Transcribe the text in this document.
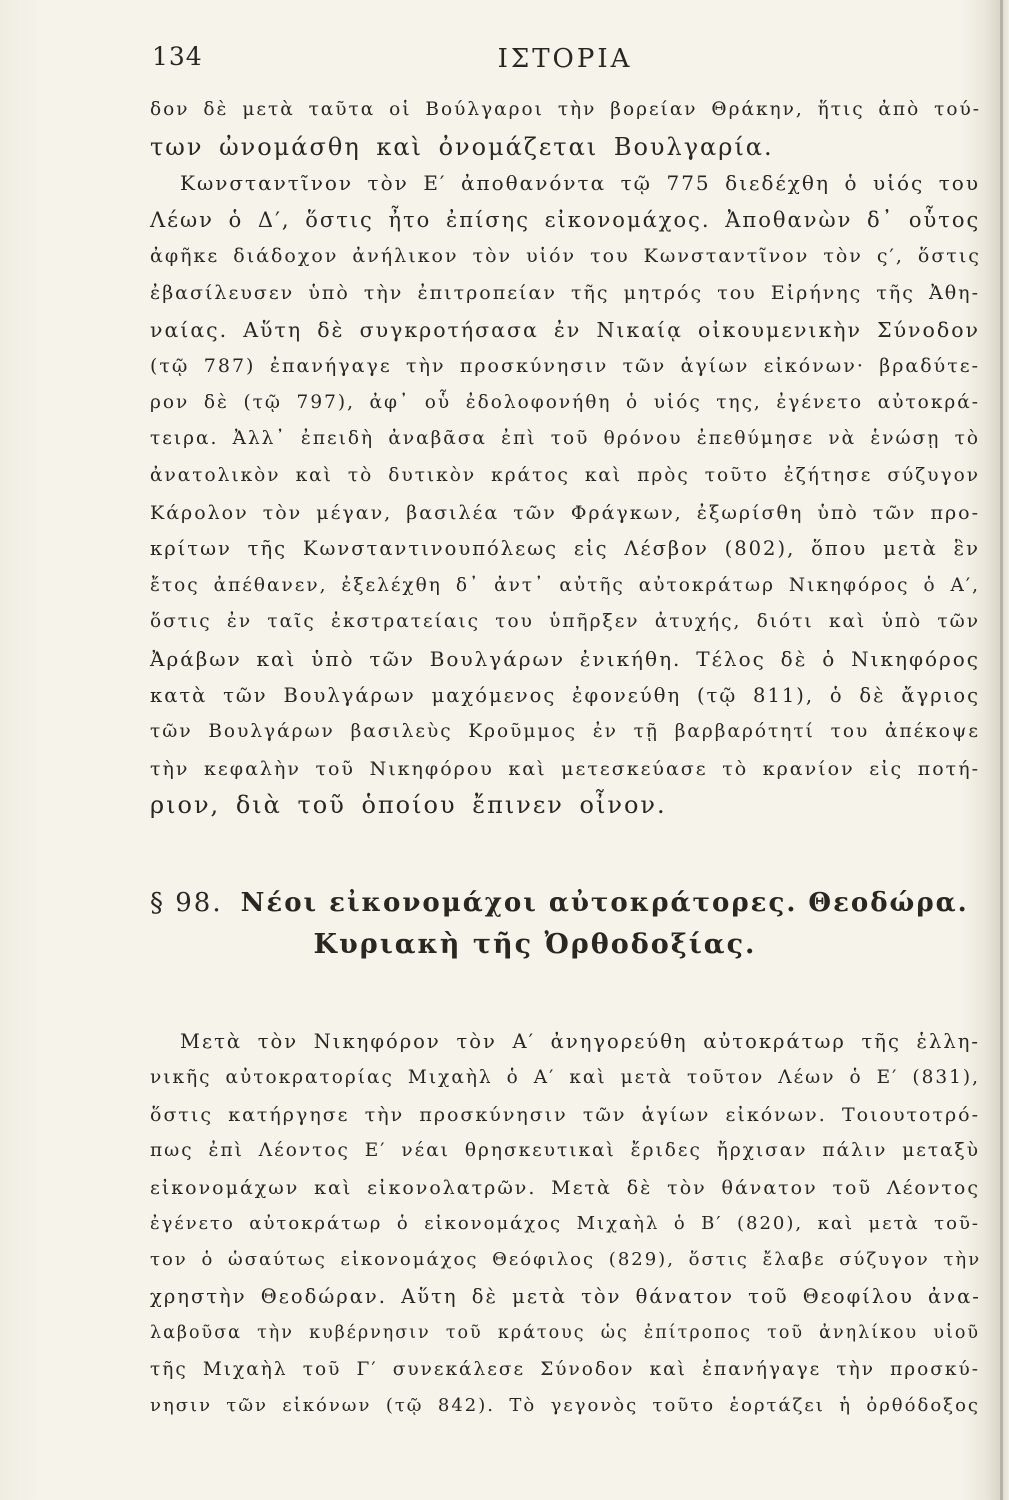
134	ΙΣΤΟΡΙΑ
δον δὲ μετὰ ταῦτα οἱ Βούλγαροι τὴν βορείαν Θράκην, ἥτις ἀπὸ τού-
των ὠνομάσθη καὶ ὀνομάζεται Βουλγαρία.
Κωνσταντῖνον τὸν Ε′ ἀποθανόντα τῷ 775 διεδέχθη ὁ υἱός του
Λέων ὁ Δ′, ὅστις ἦτο ἐπίσης εἰκονομάχος. Ἀποθανὼν δ᾽ οὗτος
ἀφῆκε διάδοχον ἀνήλικον τὸν υἱόν του Κωνσταντῖνον τὸν ς′, ὅστις
ἐβασίλευσεν ὑπὸ τὴν ἐπιτροπείαν τῆς μητρός του Εἰρήνης τῆς Ἀθη-
ναίας. Αὕτη δὲ συγκροτήσασα ἐν Νικαίᾳ οἰκουμενικὴν Σύνοδον
(τῷ 787) ἐπανήγαγε τὴν προσκύνησιν τῶν ἁγίων εἰκόνων· βραδύτε-
ρον δὲ (τῷ 797), ἀφ᾽ οὗ ἐδολοφονήθη ὁ υἱός της, ἐγένετο αὐτοκρά-
τειρα. Ἀλλ᾽ ἐπειδὴ ἀναβᾶσα ἐπὶ τοῦ θρόνου ἐπεθύμησε νὰ ἑνώσῃ τὸ
ἀνατολικὸν καὶ τὸ δυτικὸν κράτος καὶ πρὸς τοῦτο ἐζήτησε σύζυγον
Κάρολον τὸν μέγαν, βασιλέα τῶν Φράγκων, ἐξωρίσθη ὑπὸ τῶν προ-
κρίτων τῆς Κωνσταντινουπόλεως εἰς Λέσβον (802), ὅπου μετὰ ἓν
ἔτος ἀπέθανεν, ἐξελέχθη δ᾽ ἀντ᾽ αὐτῆς αὐτοκράτωρ Νικηφόρος ὁ Α′,
ὅστις ἐν ταῖς ἐκστρατείαις του ὑπῆρξεν ἀτυχής, διότι καὶ ὑπὸ τῶν
Ἀράβων καὶ ὑπὸ τῶν Βουλγάρων ἐνικήθη. Τέλος δὲ ὁ Νικηφόρος
κατὰ τῶν Βουλγάρων μαχόμενος ἐφονεύθη (τῷ 811), ὁ δὲ ἄγριος
τῶν Βουλγάρων βασιλεὺς Κροῦμμος ἐν τῇ βαρβαρότητί του ἀπέκοψε
τὴν κεφαλὴν τοῦ Νικηφόρου καὶ μετεσκεύασε τὸ κρανίον εἰς ποτή-
ριον, διὰ τοῦ ὁποίου ἔπινεν οἶνον.
§ 98. Νέοι εἰκονομάχοι αὐτοκράτορες. Θεοδώρα.
Κυριακὴ τῆς Ὀρθοδοξίας.
Μετὰ τὸν Νικηφόρον τὸν Α′ ἀνηγορεύθη αὐτοκράτωρ τῆς ἑλλη-
νικῆς αὐτοκρατορίας Μιχαὴλ ὁ Α′ καὶ μετὰ τοῦτον Λέων ὁ Ε′ (831),
ὅστις κατήργησε τὴν προσκύνησιν τῶν ἁγίων εἰκόνων. Τοιουτοτρό-
πως ἐπὶ Λέοντος Ε′ νέαι θρησκευτικαὶ ἔριδες ἤρχισαν πάλιν μεταξὺ
εἰκονομάχων καὶ εἰκονολατρῶν. Μετὰ δὲ τὸν θάνατον τοῦ Λέοντος
ἐγένετο αὐτοκράτωρ ὁ εἰκονομάχος Μιχαὴλ ὁ Β′ (820), καὶ μετὰ τοῦ-
τον ὁ ὡσαύτως εἰκονομάχος Θεόφιλος (829), ὅστις ἔλαβε σύζυγον τὴν
χρηστὴν Θεοδώραν. Αὕτη δὲ μετὰ τὸν θάνατον τοῦ Θεοφίλου ἀνα-
λαβοῦσα τὴν κυβέρνησιν τοῦ κράτους ὡς ἐπίτροπος τοῦ ἀνηλίκου υἱοῦ
τῆς Μιχαὴλ τοῦ Γ′ συνεκάλεσε Σύνοδον καὶ ἐπανήγαγε τὴν προσκύ-
νησιν τῶν εἰκόνων (τῷ 842). Τὸ γεγονὸς τοῦτο ἑορτάζει ἡ ὀρθόδοξος
